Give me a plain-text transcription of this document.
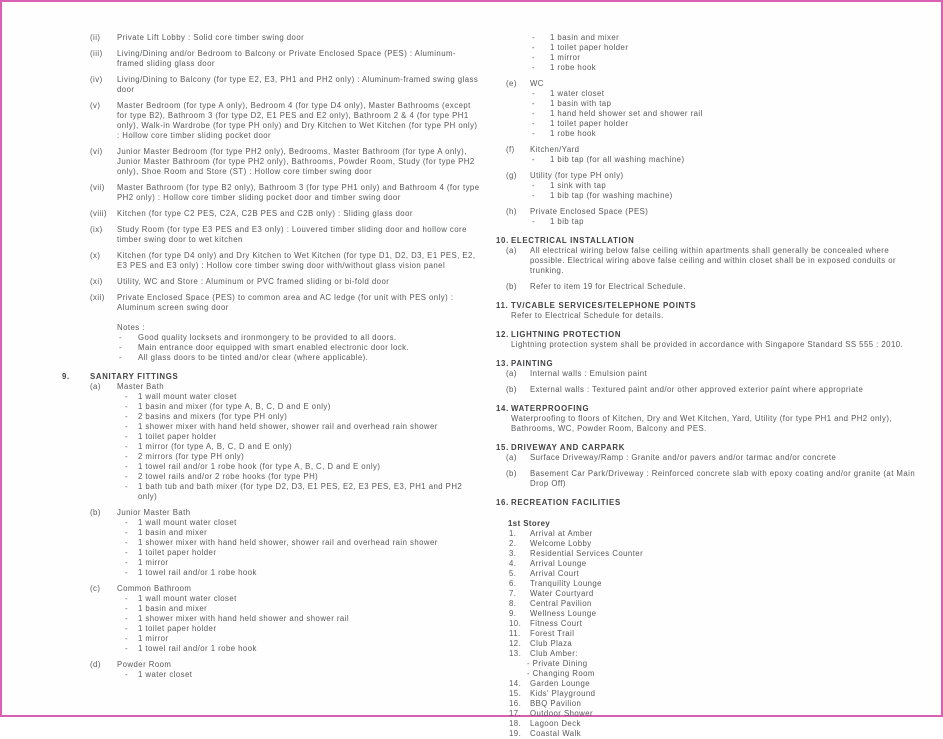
(ii)	Private Lift Lobby : Solid core timber swing door
(iii)	Living/Dining and/or Bedroom to Balcony or Private Enclosed Space (PES) : Aluminum-framed sliding glass door
(iv)	Living/Dining to Balcony (for type E2, E3, PH1 and PH2 only) : Aluminum-framed swing glass door
(v)	Master Bedroom (for type A only), Bedroom 4 (for type D4 only), Master Bathrooms (except for type B2), Bathroom 3 (for type D2, E1 PES and E2 only), Bathroom 2 & 4 (for type PH1 only), Walk-in Wardrobe (for type PH only) and Dry Kitchen to Wet Kitchen (for type PH only) : Hollow core timber sliding pocket door
(vi)	Junior Master Bedroom (for type PH2 only), Bedrooms, Master Bathroom (for type A only), Junior Master Bathroom (for type PH2 only), Bathrooms, Powder Room, Study (for type PH2 only), Shoe Room and Store (ST) : Hollow core timber swing door
(vii)	Master Bathroom (for type B2 only), Bathroom 3 (for type PH1 only) and Bathroom 4 (for type PH2 only) : Hollow core timber sliding pocket door and timber swing door
(viii)	Kitchen (for type C2 PES, C2A, C2B PES and C2B only) : Sliding glass door
(ix)	Study Room (for type E3 PES and E3 only) : Louvered timber sliding door and hollow core timber swing door to wet kitchen
(x)	Kitchen (for type D4 only) and Dry Kitchen to Wet Kitchen (for type D1, D2, D3, E1 PES, E2, E3 PES and E3 only) : Hollow core timber swing door with/without glass vision panel
(xi)	Utility, WC and Store : Aluminum or PVC framed sliding or bi-fold door
(xii)	Private Enclosed Space (PES) to common area and AC ledge (for unit with PES only) : Aluminum screen swing door
Notes :
-	Good quality locksets and ironmongery to be provided to all doors.
-	Main entrance door equipped with smart enabled electronic door lock.
-	All glass doors to be tinted and/or clear (where applicable).
9.	SANITARY FITTINGS
(a)	Master Bath
-	1 wall mount water closet
-	1 basin and mixer (for type A, B, C, D and E only)
-	2 basins and mixers (for type PH only)
-	1 shower mixer with hand held shower, shower rail and overhead rain shower
-	1 toilet paper holder
-	1 mirror (for type A, B, C, D and E only)
-	2 mirrors (for type PH only)
-	1 towel rail and/or 1 robe hook (for type A, B, C, D and E only)
-	2 towel rails and/or 2 robe hooks (for type PH)
-	1 bath tub and bath mixer (for type D2, D3, E1 PES, E2, E3 PES, E3, PH1 and PH2 only)
(b)	Junior Master Bath
-	1 wall mount water closet
-	1 basin and mixer
-	1 shower mixer with hand held shower, shower rail and overhead rain shower
-	1 toilet paper holder
-	1 mirror
-	1 towel rail and/or 1 robe hook
(c)	Common Bathroom
-	1 wall mount water closet
-	1 basin and mixer
-	1 shower mixer with hand held shower and shower rail
-	1 toilet paper holder
-	1 mirror
-	1 towel rail and/or 1 robe hook
(d)	Powder Room
-	1 water closet
-	1 basin and mixer
-	1 toilet paper holder
-	1 mirror
-	1 robe hook
(e)	WC
-	1 water closet
-	1 basin with tap
-	1 hand held shower set and shower rail
-	1 toilet paper holder
-	1 robe hook
(f)	Kitchen/Yard
-	1 bib tap (for all washing machine)
(g)	Utility (for type PH only)
-	1 sink with tap
-	1 bib tap (for washing machine)
(h)	Private Enclosed Space (PES)
-	1 bib tap
10. ELECTRICAL INSTALLATION
(a)	All electrical wiring below false ceiling within apartments shall generally be concealed where possible. Electrical wiring above false ceiling and within closet shall be in exposed conduits or trunking.
(b)	Refer to item 19 for Electrical Schedule.
11. TV/CABLE SERVICES/TELEPHONE POINTS
Refer to Electrical Schedule for details.
12. LIGHTNING PROTECTION
Lightning protection system shall be provided in accordance with Singapore Standard SS 555 : 2010.
13. PAINTING
(a)	Internal walls : Emulsion paint
(b)	External walls : Textured paint and/or other approved exterior paint where appropriate
14. WATERPROOFING
Waterproofing to floors of Kitchen, Dry and Wet Kitchen, Yard, Utility (for type PH1 and PH2 only), Bathrooms, WC, Powder Room, Balcony and PES.
15. DRIVEWAY AND CARPARK
(a)	Surface Driveway/Ramp : Granite and/or pavers and/or tarmac and/or concrete
(b)	Basement Car Park/Driveway : Reinforced concrete slab with epoxy coating and/or granite (at Main Drop Off)
16. RECREATION FACILITIES
1st Storey
1.	Arrival at Amber
2.	Welcome Lobby
3.	Residential Services Counter
4.	Arrival Lounge
5.	Arrival Court
6.	Tranquility Lounge
7.	Water Courtyard
8.	Central Pavilion
9.	Wellness Lounge
10.	Fitness Court
11.	Forest Trail
12.	Club Plaza
13.	Club Amber:
- Private Dining
- Changing Room
14.	Garden Lounge
15.	Kids' Playground
16.	BBQ Pavilion
17.	Outdoor Shower
18.	Lagoon Deck
19.	Coastal Walk
